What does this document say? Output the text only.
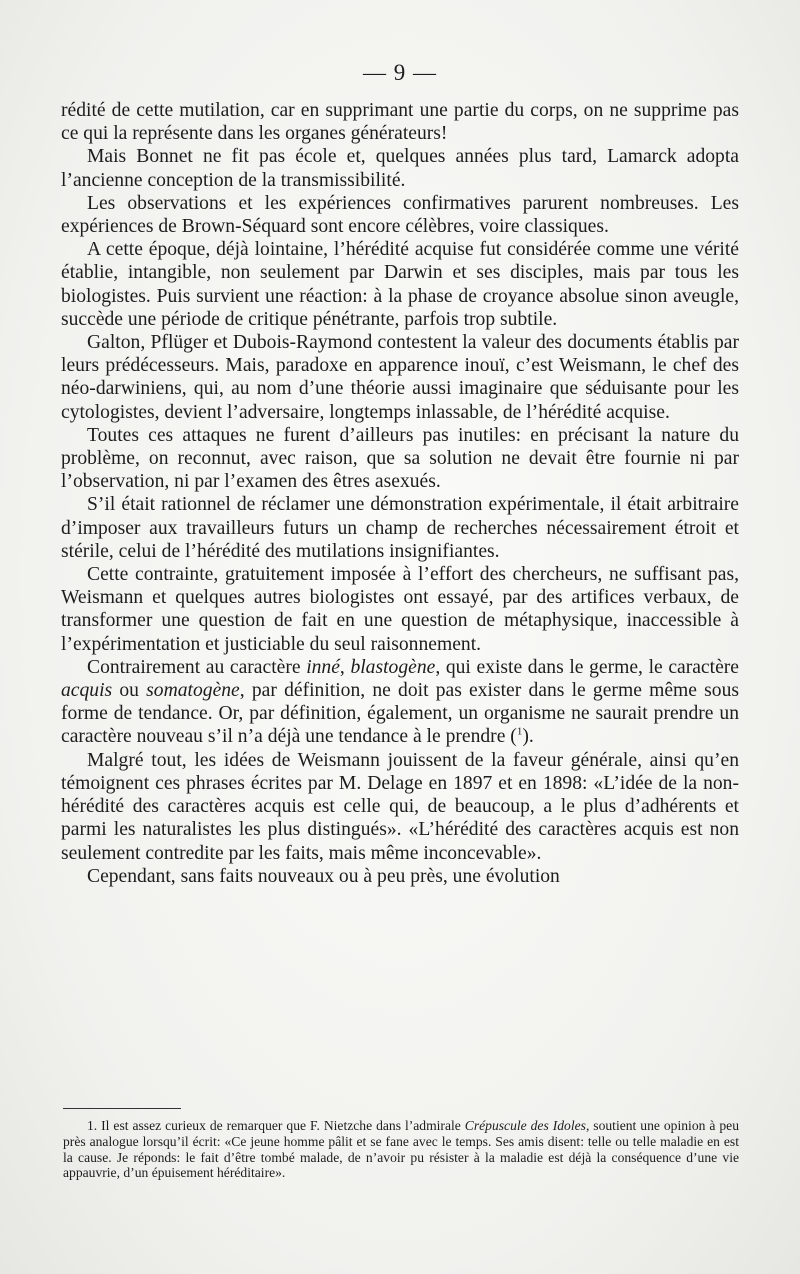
— 9 —

rédité de cette mutilation, car en supprimant une partie du corps, on ne supprime pas ce qui la représente dans les organes générateurs!

Mais Bonnet ne fit pas école et, quelques années plus tard, Lamarck adopta l’ancienne conception de la transmissibilité.

Les observations et les expériences confirmatives parurent nombreuses. Les expériences de Brown-Séquard sont encore célèbres, voire classiques.

A cette époque, déjà lointaine, l’hérédité acquise fut considérée comme une vérité établie, intangible, non seulement par Darwin et ses disciples, mais par tous les biologistes. Puis survient une réaction: à la phase de croyance absolue sinon aveugle, succède une période de critique pénétrante, parfois trop subtile.

Galton, Pflüger et Dubois-Raymond contestent la valeur des documents établis par leurs prédécesseurs. Mais, paradoxe en apparence inouï, c’est Weismann, le chef des néo-darwiniens, qui, au nom d’une théorie aussi imaginaire que séduisante pour les cytologistes, devient l’adversaire, longtemps inlassable, de l’hérédité acquise.

Toutes ces attaques ne furent d’ailleurs pas inutiles: en précisant la nature du problème, on reconnut, avec raison, que sa solution ne devait être fournie ni par l’observation, ni par l’examen des êtres asexués.

S’il était rationnel de réclamer une démonstration expérimentale, il était arbitraire d’imposer aux travailleurs futurs un champ de recherches nécessairement étroit et stérile, celui de l’hérédité des mutilations insignifiantes.

Cette contrainte, gratuitement imposée à l’effort des chercheurs, ne suffisant pas, Weismann et quelques autres biologistes ont essayé, par des artifices verbaux, de transformer une question de fait en une question de métaphysique, inaccessible à l’expérimentation et justiciable du seul raisonnement.

Contrairement au caractère inné, blastogène, qui existe dans le germe, le caractère acquis ou somatogène, par définition, ne doit pas exister dans le germe même sous forme de tendance. Or, par définition, également, un organisme ne saurait prendre un caractère nouveau s’il n’a déjà une tendance à le prendre ($^1$).

Malgré tout, les idées de Weismann jouissent de la faveur générale, ainsi qu’en témoignent ces phrases écrites par M. Delage en 1897 et en 1898: «L’idée de la non-hérédité des caractères acquis est celle qui, de beaucoup, a le plus d’adhérents et parmi les naturalistes les plus distingués». «L’hérédité des caractères acquis est non seulement contredite par les faits, mais même inconcevable».

Cependant, sans faits nouveaux ou à peu près, une évolution

1. Il est assez curieux de remarquer que F. Nietzche dans l’admirale Crépuscule des Idoles, soutient une opinion à peu près analogue lorsqu’il écrit: «Ce jeune homme pâlit et se fane avec le temps. Ses amis disent: telle ou telle maladie en est la cause. Je réponds: le fait d’être tombé malade, de n’avoir pu résister à la maladie est déjà la conséquence d’une vie appauvrie, d’un épuisement héréditaire».
